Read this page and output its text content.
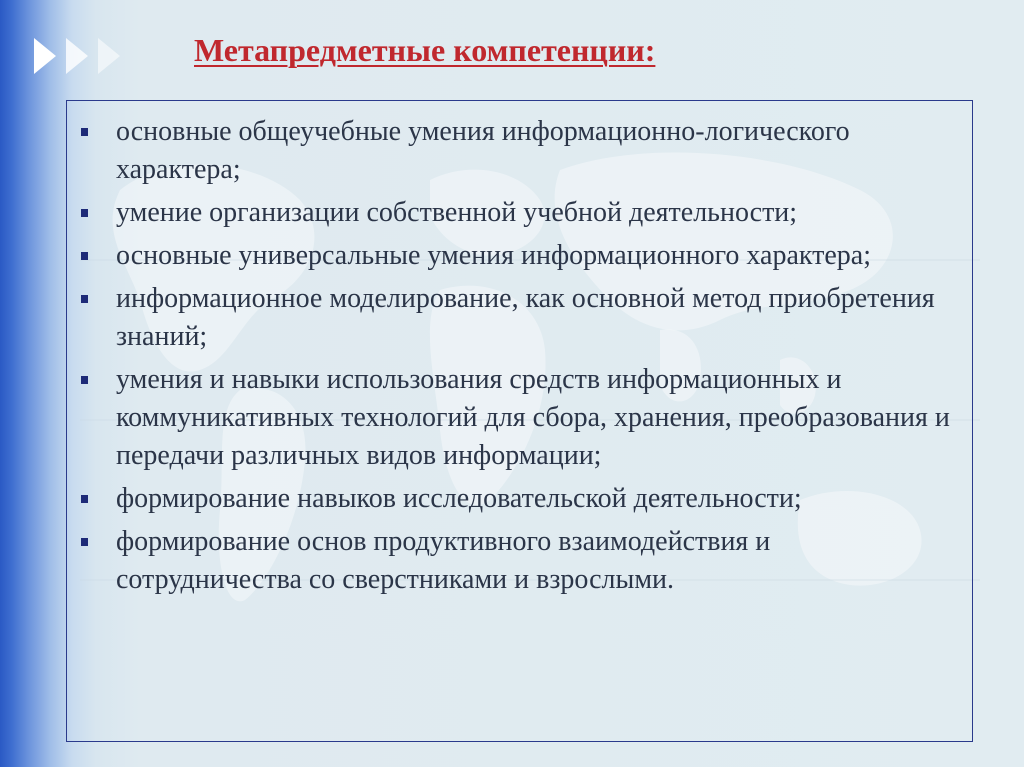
Метапредметные компетенции:
основные общеучебные умения информационно-логического характера;
умение организации собственной учебной деятельности;
основные универсальные умения информационного характера;
информационное моделирование, как основной метод приобретения знаний;
умения и навыки использования средств информационных и коммуникативных технологий для сбора, хранения, преобразования и передачи различных видов информации;
формирование навыков исследовательской деятельности;
формирование основ продуктивного взаимодействия и сотрудничества со сверстниками и взрослыми.
